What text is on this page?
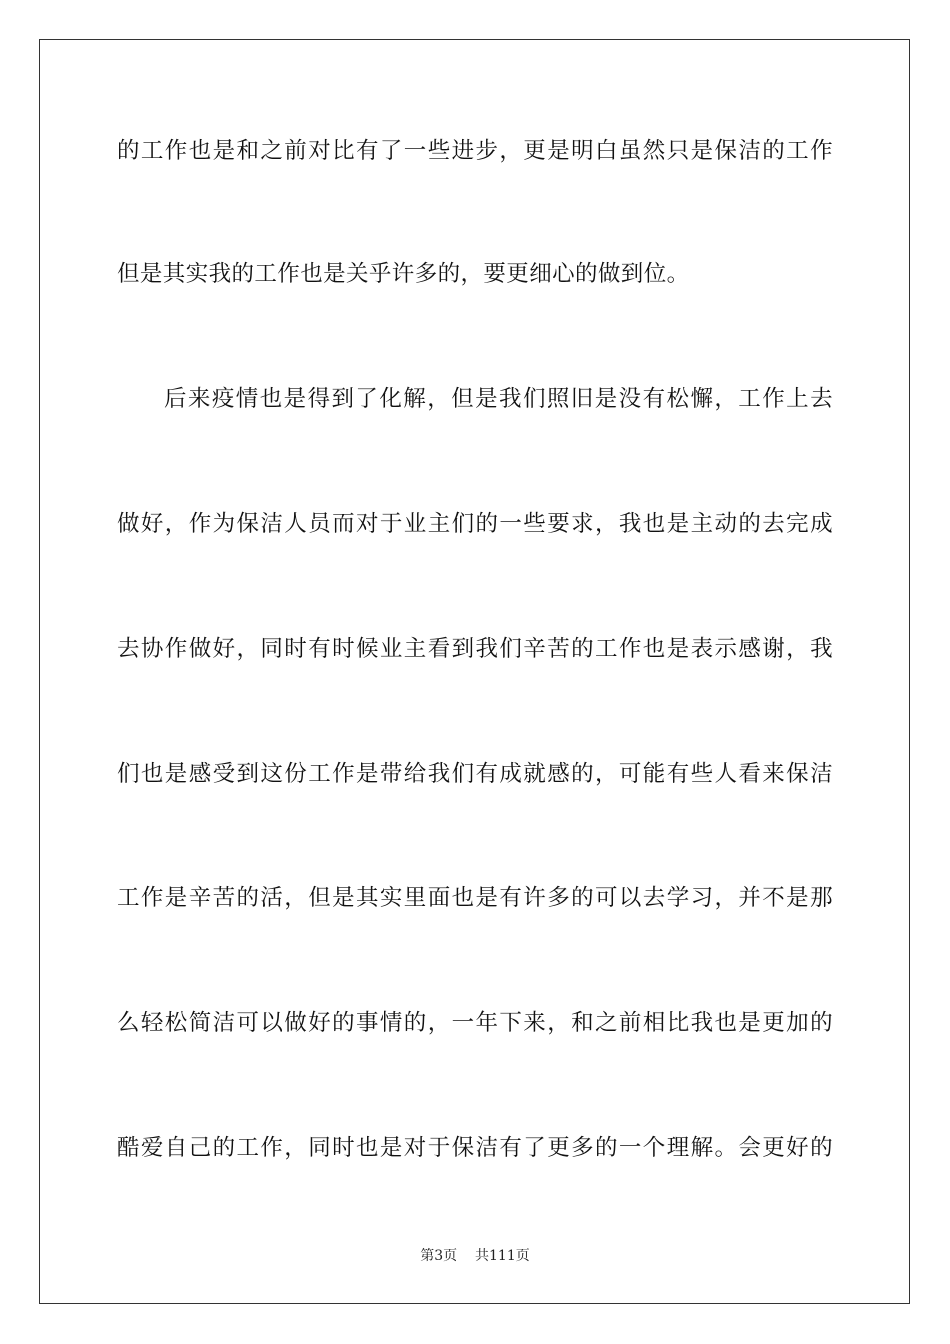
的工作也是和之前对比有了一些进步，更是明白虽然只是保洁的工作
但是其实我的工作也是关乎许多的，要更细心的做到位。
后来疫情也是得到了化解，但是我们照旧是没有松懈，工作上去
做好，作为保洁人员而对于业主们的一些要求，我也是主动的去完成
去协作做好，同时有时候业主看到我们辛苦的工作也是表示感谢，我
们也是感受到这份工作是带给我们有成就感的，可能有些人看来保洁
工作是辛苦的活，但是其实里面也是有许多的可以去学习，并不是那
么轻松简洁可以做好的事情的，一年下来，和之前相比我也是更加的
酷爱自己的工作，同时也是对于保洁有了更多的一个理解。会更好的
第3页 共111页
